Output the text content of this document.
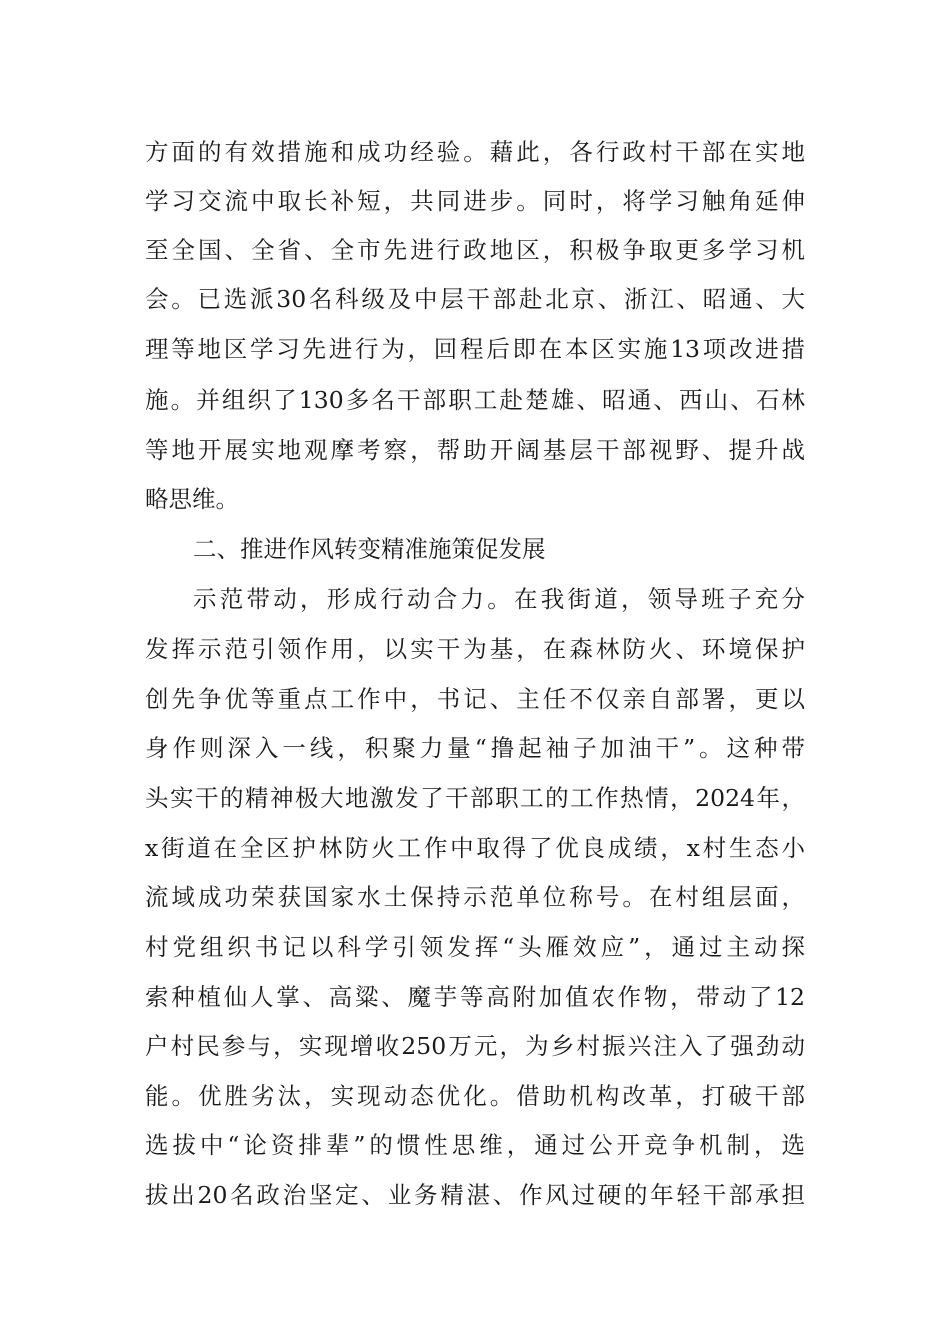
方面的有效措施和成功经验。藉此，各行政村干部在实地
学习交流中取长补短，共同进步。同时，将学习触角延伸
至全国、全省、全市先进行政地区，积极争取更多学习机
会。已选派30名科级及中层干部赴北京、浙江、昭通、大
理等地区学习先进行为，回程后即在本区实施13项改进措
施。并组织了130多名干部职工赴楚雄、昭通、西山、石林
等地开展实地观摩考察，帮助开阔基层干部视野、提升战
略思维。
二、推进作风转变精准施策促发展
示范带动，形成行动合力。在我街道，领导班子充分
发挥示范引领作用，以实干为基，在森林防火、环境保护
创先争优等重点工作中，书记、主任不仅亲自部署，更以
身作则深入一线，积聚力量“撸起袖子加油干”。这种带
头实干的精神极大地激发了干部职工的工作热情，2024年，
x街道在全区护林防火工作中取得了优良成绩，x村生态小
流域成功荣获国家水土保持示范单位称号。在村组层面，
村党组织书记以科学引领发挥“头雁效应”，通过主动探
索种植仙人掌、高粱、魔芋等高附加值农作物，带动了12
户村民参与，实现增收250万元，为乡村振兴注入了强劲动
能。优胜劣汰，实现动态优化。借助机构改革，打破干部
选拔中“论资排辈”的惯性思维，通过公开竞争机制，选
拔出20名政治坚定、业务精湛、作风过硬的年轻干部承担
